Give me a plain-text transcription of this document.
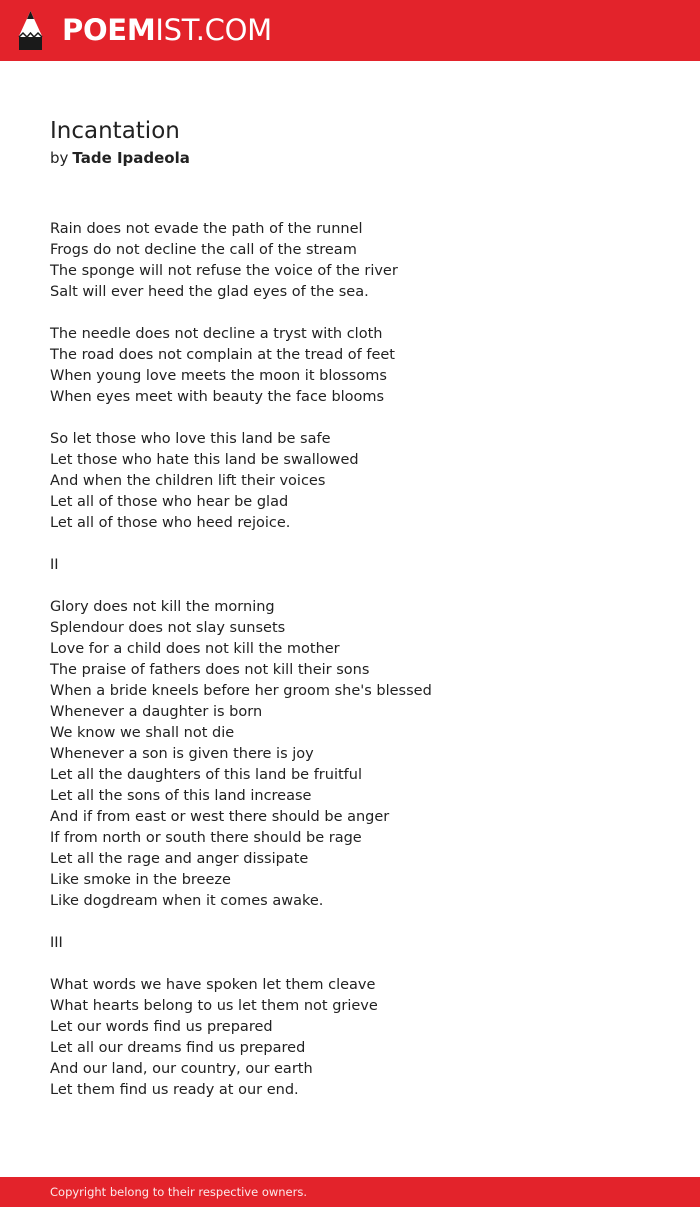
POEMIST.COM
Incantation
by Tade Ipadeola
Rain does not evade the path of the runnel
Frogs do not decline the call of the stream
The sponge will not refuse the voice of the river
Salt will ever heed the glad eyes of the sea.
The needle does not decline a tryst with cloth
The road does not complain at the tread of feet
When young love meets the moon it blossoms
When eyes meet with beauty the face blooms
So let those who love this land be safe
Let those who hate this land be swallowed
And when the children lift their voices
Let all of those who hear be glad
Let all of those who heed rejoice.
II
Glory does not kill the morning
Splendour does not slay sunsets
Love for a child does not kill the mother
The praise of fathers does not kill their sons
When a bride kneels before her groom she's blessed
Whenever a daughter is born
We know we shall not die
Whenever a son is given there is joy
Let all the daughters of this land be fruitful
Let all the sons of this land increase
And if from east or west there should be anger
If from north or south there should be rage
Let all the rage and anger dissipate
Like smoke in the breeze
Like dogdream when it comes awake.
III
What words we have spoken let them cleave
What hearts belong to us let them not grieve
Let our words find us prepared
Let all our dreams find us prepared
And our land, our country, our earth
Let them find us ready at our end.
Copyright belong to their respective owners.
